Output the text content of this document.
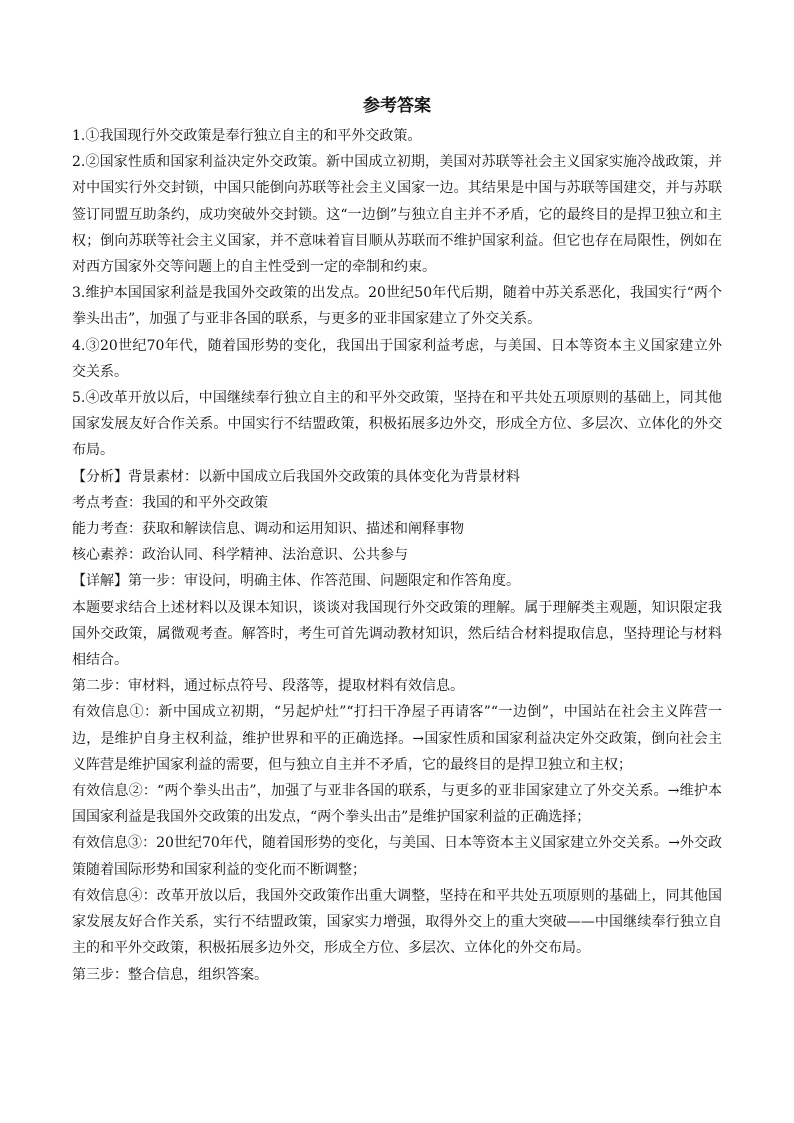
参考答案

1.①我国现行外交政策是奉行独立自主的和平外交政策。

2.②国家性质和国家利益决定外交政策。新中国成立初期，美国对苏联等社会主义国家实施冷战政策，并对中国实行外交封锁，中国只能倒向苏联等社会主义国家一边。其结果是中国与苏联等国建交，并与苏联签订同盟互助条约，成功突破外交封锁。这“一边倒”与独立自主并不矛盾，它的最终目的是捍卫独立和主权；倒向苏联等社会主义国家，并不意味着盲目顺从苏联而不维护国家利益。但它也存在局限性，例如在对西方国家外交等问题上的自主性受到一定的牵制和约束。

3.维护本国国家利益是我国外交政策的出发点。20世纪50年代后期，随着中苏关系恶化，我国实行“两个拳头出击”，加强了与亚非各国的联系，与更多的亚非国家建立了外交关系。

4.③20世纪70年代，随着国形势的变化，我国出于国家利益考虑，与美国、日本等资本主义国家建立外交关系。

5.④改革开放以后，中国继续奉行独立自主的和平外交政策，坚持在和平共处五项原则的基础上，同其他国家发展友好合作关系。中国实行不结盟政策，积极拓展多边外交，形成全方位、多层次、立体化的外交布局。

【分析】背景素材：以新中国成立后我国外交政策的具体变化为背景材料

考点考查：我国的和平外交政策

能力考查：获取和解读信息、调动和运用知识、描述和阐释事物

核心素养：政治认同、科学精神、法治意识、公共参与

【详解】第一步：审设问，明确主体、作答范围、问题限定和作答角度。

本题要求结合上述材料以及课本知识，谈谈对我国现行外交政策的理解。属于理解类主观题，知识限定我国外交政策，属微观考查。解答时，考生可首先调动教材知识，然后结合材料提取信息，坚持理论与材料相结合。

第二步：审材料，通过标点符号、段落等，提取材料有效信息。

有效信息①：新中国成立初期，“另起炉灶”“打扫干净屋子再请客”“一边倒”，中国站在社会主义阵营一边，是维护自身主权利益，维护世界和平的正确选择。→国家性质和国家利益决定外交政策，倒向社会主义阵营是维护国家利益的需要，但与独立自主并不矛盾，它的最终目的是捍卫独立和主权；

有效信息②：“两个拳头出击”，加强了与亚非各国的联系，与更多的亚非国家建立了外交关系。→维护本国国家利益是我国外交政策的出发点，“两个拳头出击”是维护国家利益的正确选择；

有效信息③：20世纪70年代，随着国形势的变化，与美国、日本等资本主义国家建立外交关系。→外交政策随着国际形势和国家利益的变化而不断调整；

有效信息④：改革开放以后，我国外交政策作出重大调整，坚持在和平共处五项原则的基础上，同其他国家发展友好合作关系，实行不结盟政策，国家实力增强，取得外交上的重大突破——中国继续奉行独立自主的和平外交政策，积极拓展多边外交，形成全方位、多层次、立体化的外交布局。

第三步：整合信息，组织答案。
